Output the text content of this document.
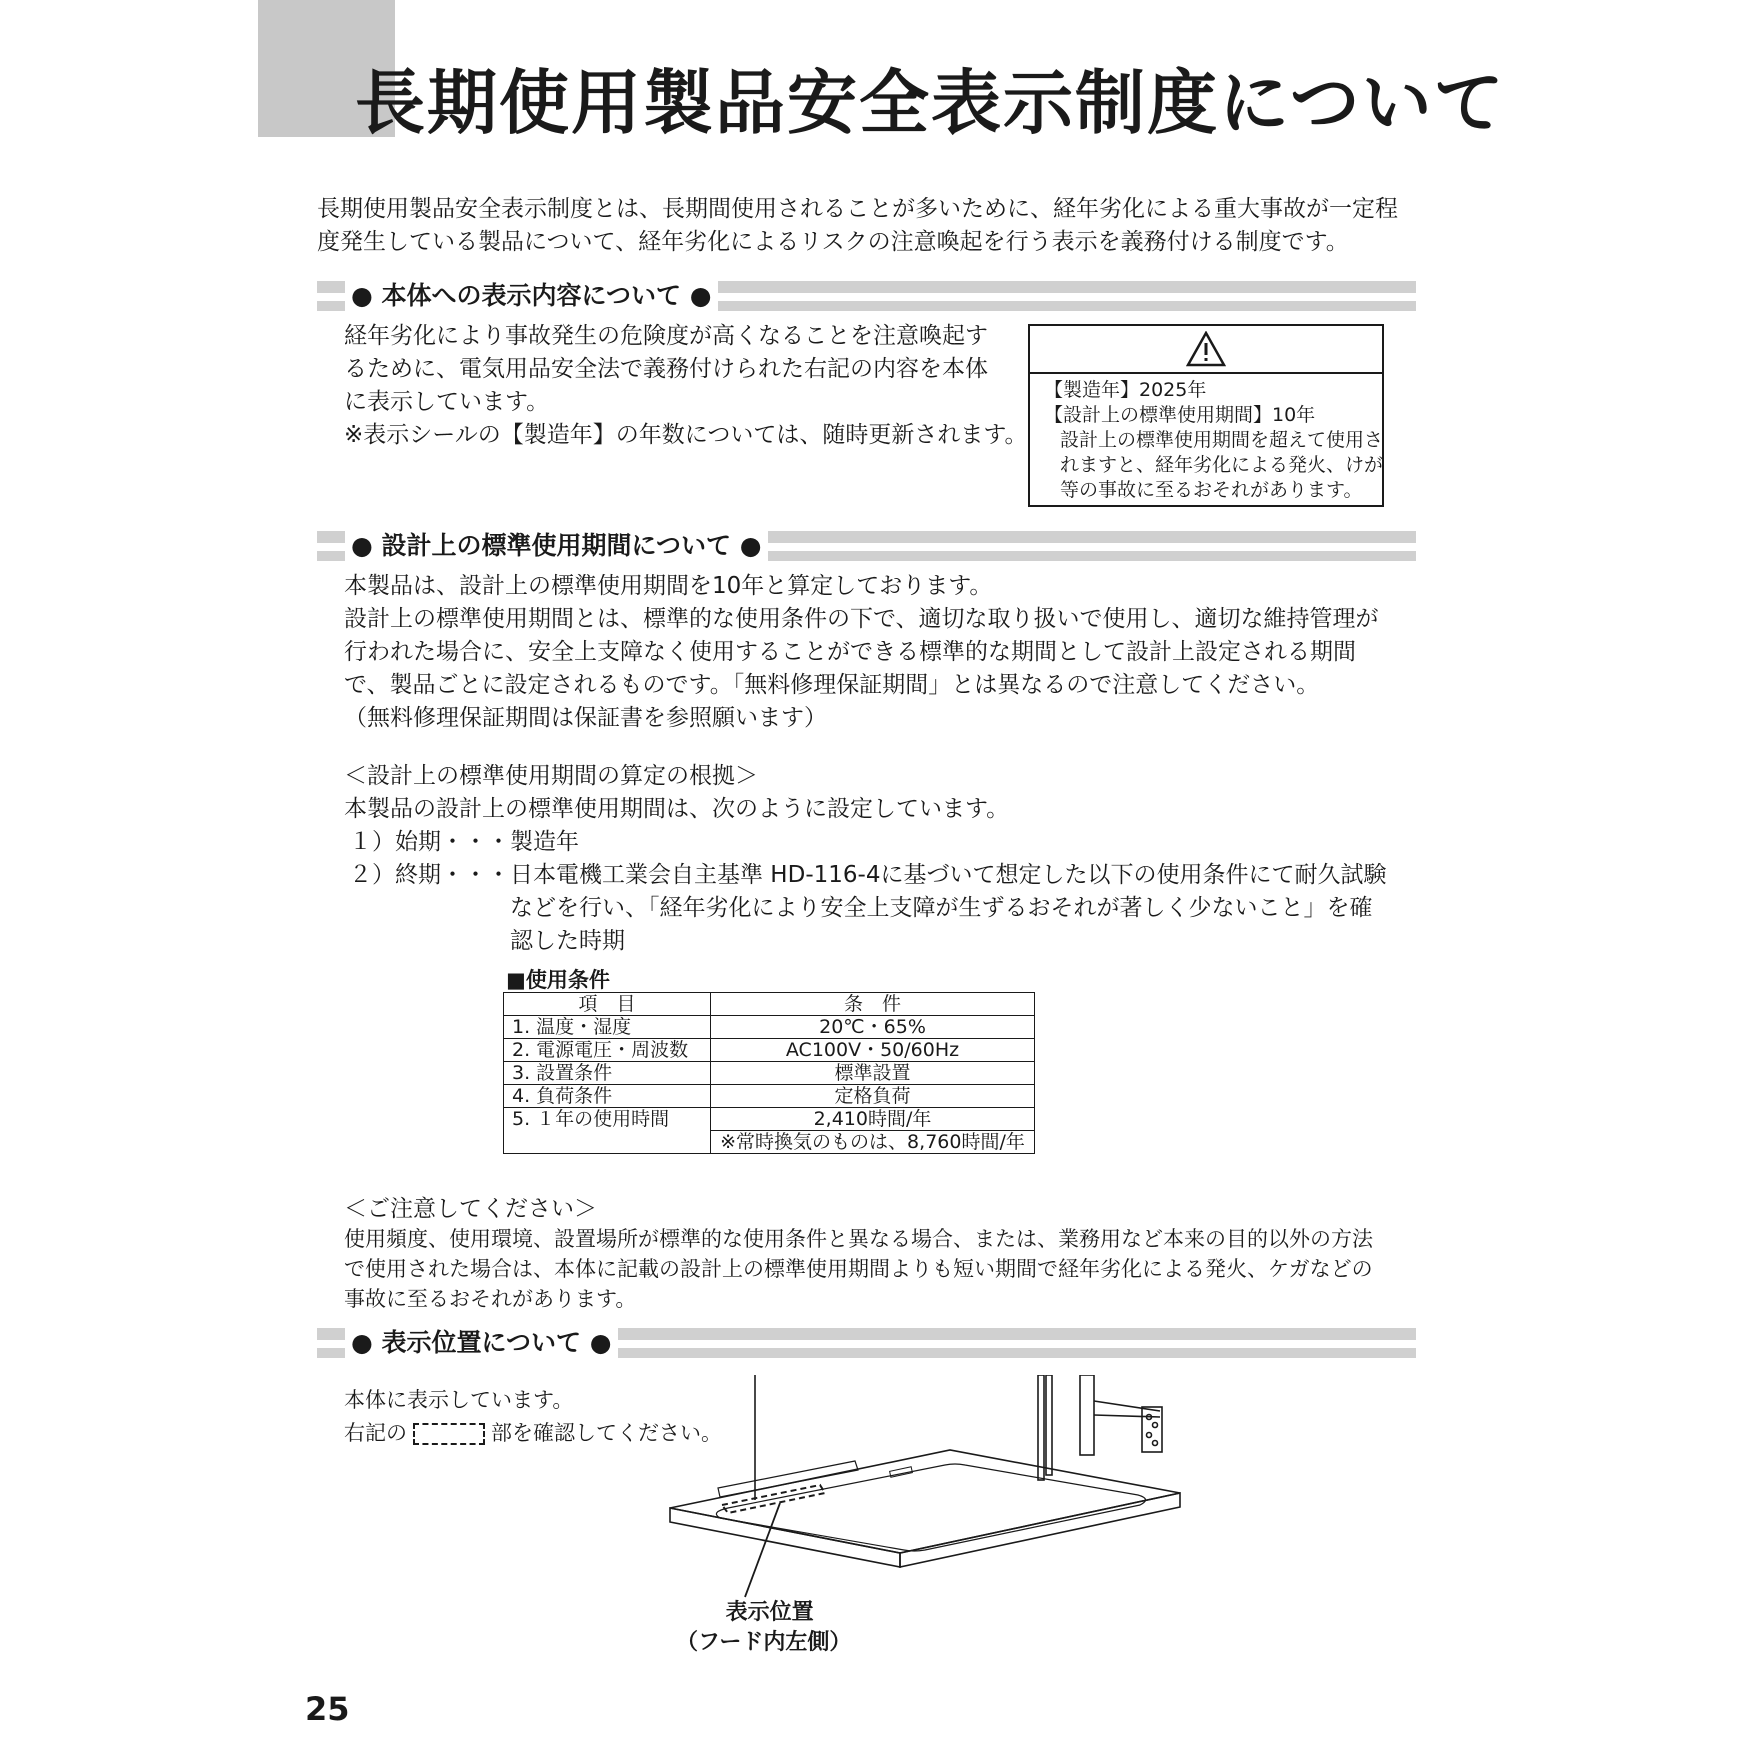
長期使用製品安全表示制度について
長期使用製品安全表示制度とは、長期間使用されることが多いために、経年劣化による重大事故が一定程
度発生している製品について、経年劣化によるリスクの注意喚起を行う表示を義務付ける制度です。
● 本体への表示内容について ●
経年劣化により事故発生の危険度が高くなることを注意喚起す
るために、電気用品安全法で義務付けられた右記の内容を本体
に表示しています。
※表示シールの【製造年】の年数については、随時更新されます。
【製造年】2025年
【設計上の標準使用期間】10年
設計上の標準使用期間を超えて使用さ
れますと、経年劣化による発火、けが
等の事故に至るおそれがあります。
● 設計上の標準使用期間について ●
本製品は、設計上の標準使用期間を10年と算定しております。
設計上の標準使用期間とは、標準的な使用条件の下で、適切な取り扱いで使用し、適切な維持管理が
行われた場合に、安全上支障なく使用することができる標準的な期間として設計上設定される期間
で、製品ごとに設定されるものです。「無料修理保証期間」とは異なるので注意してください。
（無料修理保証期間は保証書を参照願います）
＜設計上の標準使用期間の算定の根拠＞
本製品の設計上の標準使用期間は、次のように設定しています。
１）始期・・・製造年
２）終期・・・ 日本電機工業会自主基準 HD-116-4に基づいて想定した以下の使用条件にて耐久試験
などを行い、「経年劣化により安全上支障が生ずるおそれが著しく少ないこと」を確
認した時期
■使用条件
項　目	条　件
1. 温度・湿度	20℃・65%
2. 電源電圧・周波数	AC100V・50/60Hz
3. 設置条件	標準設置
4. 負荷条件	定格負荷
5. １年の使用時間	2,410時間/年
	※常時換気のものは、8,760時間/年
＜ご注意してください＞
使用頻度、使用環境、設置場所が標準的な使用条件と異なる場合、または、業務用など本来の目的以外の方法
で使用された場合は、本体に記載の設計上の標準使用期間よりも短い期間で経年劣化による発火、ケガなどの
事故に至るおそれがあります。
● 表示位置について ●
本体に表示しています。
右記の	部を確認してください。
表示位置
（フード内左側）
25
